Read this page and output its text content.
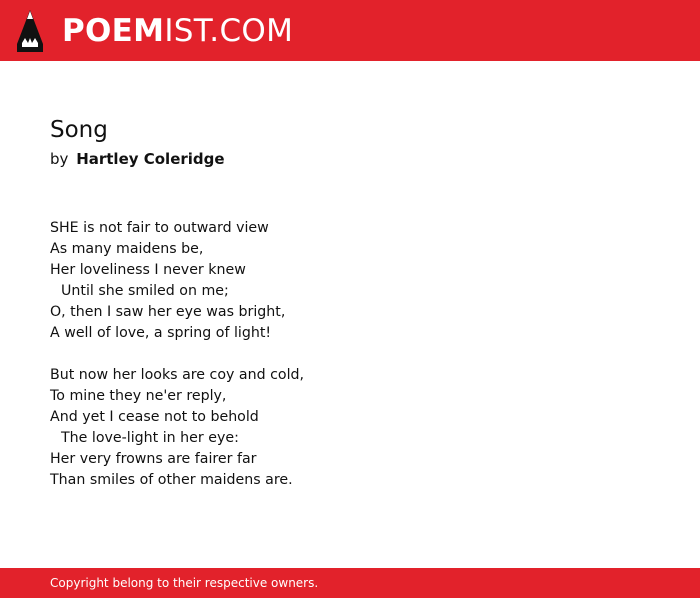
POEMIST.COM
Song
by Hartley Coleridge
SHE is not fair to outward view
As many maidens be,
Her loveliness I never knew
Until she smiled on me;
O, then I saw her eye was bright,
A well of love, a spring of light!
But now her looks are coy and cold,
To mine they ne'er reply,
And yet I cease not to behold
The love-light in her eye:
Her very frowns are fairer far
Than smiles of other maidens are.
Copyright belong to their respective owners.
